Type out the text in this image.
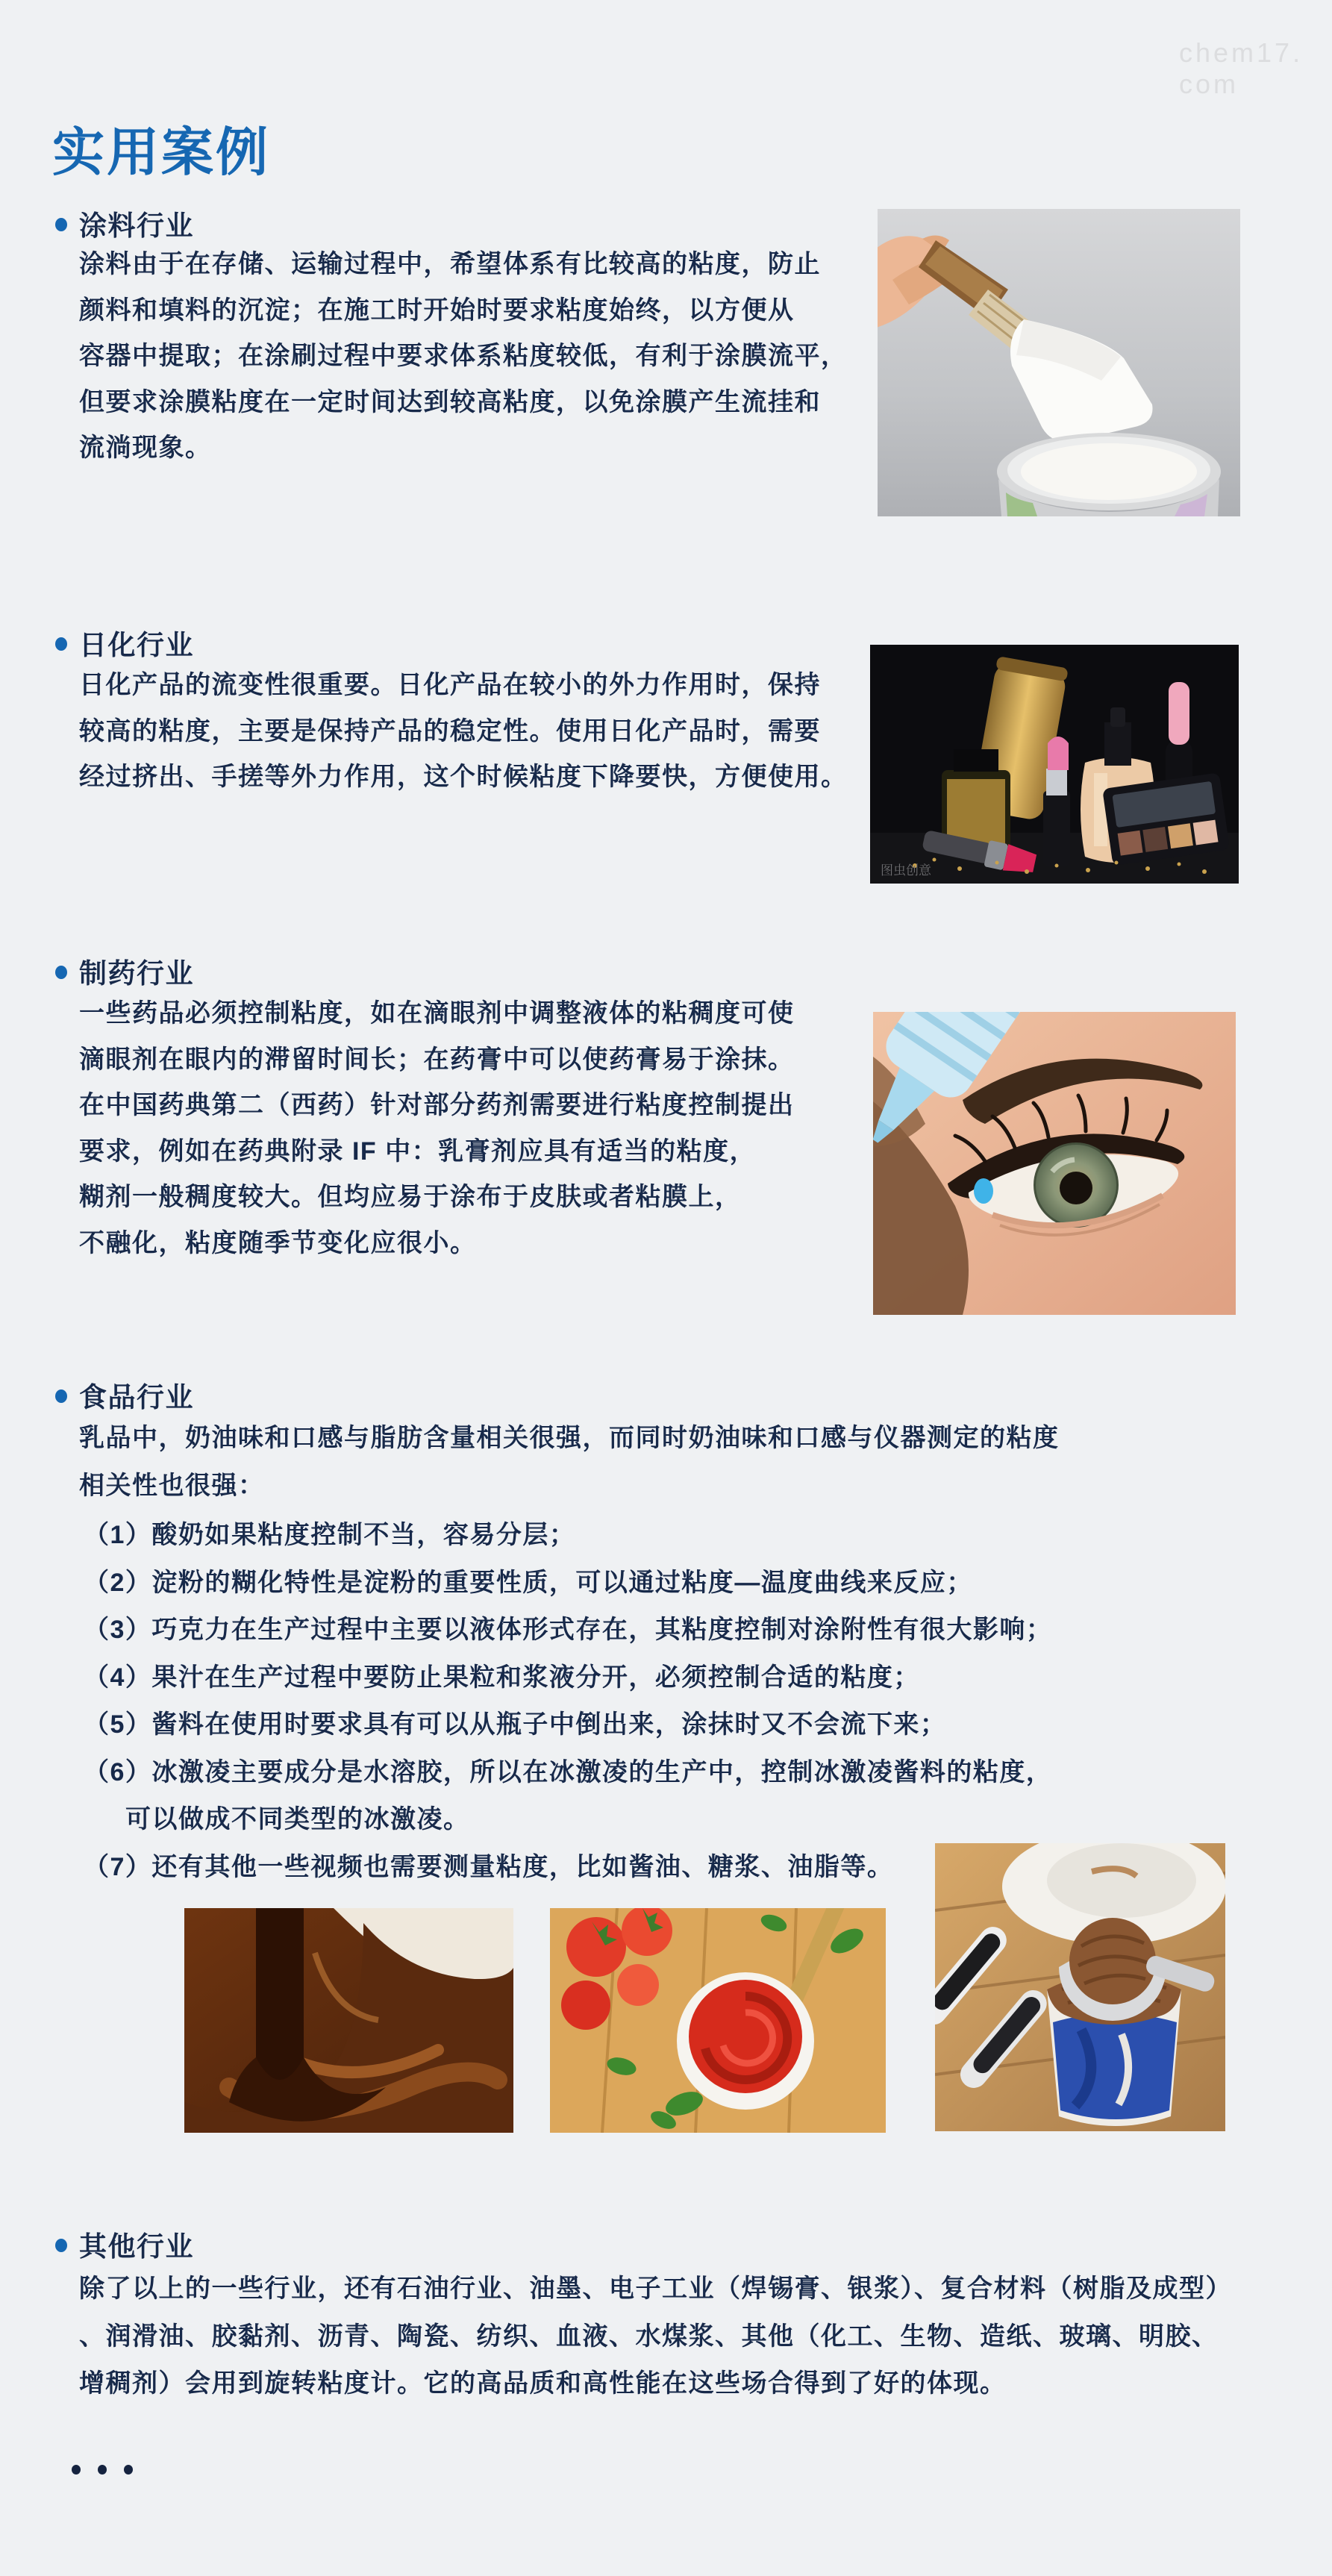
chem17. com
实用案例
涂料行业
涂料由于在存储、运输过程中，希望体系有比较高的粘度，防止
颜料和填料的沉淀；在施工时开始时要求粘度始终，以方便从
容器中提取；在涂刷过程中要求体系粘度较低，有利于涂膜流平，
但要求涂膜粘度在一定时间达到较高粘度，以免涂膜产生流挂和
流淌现象。
日化行业
日化产品的流变性很重要。日化产品在较小的外力作用时，保持
较高的粘度，主要是保持产品的稳定性。使用日化产品时，需要
经过挤出、手搓等外力作用，这个时候粘度下降要快，方便使用。
图虫创意
制药行业
一些药品必须控制粘度，如在滴眼剂中调整液体的粘稠度可使
滴眼剂在眼内的滞留时间长；在药膏中可以使药膏易于涂抹。
在中国药典第二（西药）针对部分药剂需要进行粘度控制提出
要求，例如在药典附录 IF 中：乳膏剂应具有适当的粘度，
糊剂一般稠度较大。但均应易于涂布于皮肤或者粘膜上，
不融化，粘度随季节变化应很小。
食品行业
乳品中，奶油味和口感与脂肪含量相关很强，而同时奶油味和口感与仪器测定的粘度
相关性也很强：
（1）酸奶如果粘度控制不当，容易分层；
（2）淀粉的糊化特性是淀粉的重要性质，可以通过粘度—温度曲线来反应；
（3）巧克力在生产过程中主要以液体形式存在，其粘度控制对涂附性有很大影响；
（4）果汁在生产过程中要防止果粒和浆液分开，必须控制合适的粘度；
（5）酱料在使用时要求具有可以从瓶子中倒出来，涂抹时又不会流下来；
（6）冰激凌主要成分是水溶胶，所以在冰激凌的生产中，控制冰激凌酱料的粘度，
可以做成不同类型的冰激凌。
（7）还有其他一些视频也需要测量粘度，比如酱油、糖浆、油脂等。
其他行业
除了以上的一些行业，还有石油行业、油墨、电子工业（焊锡膏、银浆）、复合材料（树脂及成型）
、润滑油、胶黏剂、沥青、陶瓷、纺织、血液、水煤浆、其他（化工、生物、造纸、玻璃、明胶、
增稠剂）会用到旋转粘度计。它的高品质和高性能在这些场合得到了好的体现。
